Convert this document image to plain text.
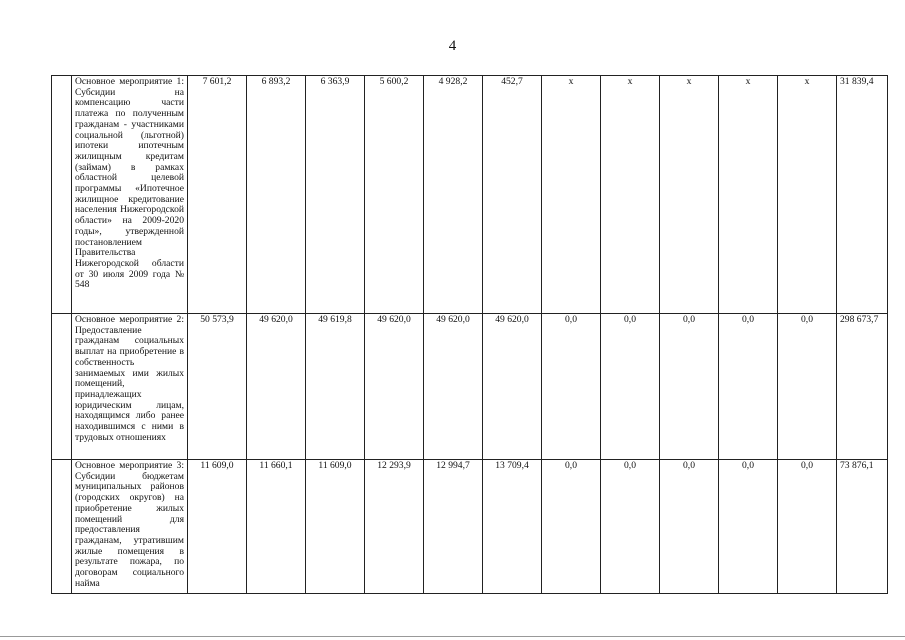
4
	Основное мероприятие 1: Субсидии на компенсацию части платежа по полученным гражданам - участниками социальной (льготной) ипотеки ипотечным жилищным кредитам (займам) в рамках областной целевой программы «Ипотечное жилищное кредитование населения Нижегородской области» на 2009-2020 годы», утвержденной постановлением Правительства Нижегородской области от 30 июля 2009 года № 548	7 601,2	6 893,2	6 363,9	5 600,2	4 928,2	452,7	x	x	x	x	x	31 839,4
	Основное мероприятие 2: Предоставление гражданам социальных выплат на приобретение в собственность занимаемых ими жилых помещений, принадлежащих юридическим лицам, находящимся либо ранее находившимся с ними в трудовых отношениях	50 573,9	49 620,0	49 619,8	49 620,0	49 620,0	49 620,0	0,0	0,0	0,0	0,0	0,0	298 673,7
	Основное мероприятие 3: Субсидии бюджетам муниципальных районов (городских округов) на приобретение жилых помещений для предоставления гражданам, утратившим жилые помещения в результате пожара, по договорам социального найма	11 609,0	11 660,1	11 609,0	12 293,9	12 994,7	13 709,4	0,0	0,0	0,0	0,0	0,0	73 876,1
